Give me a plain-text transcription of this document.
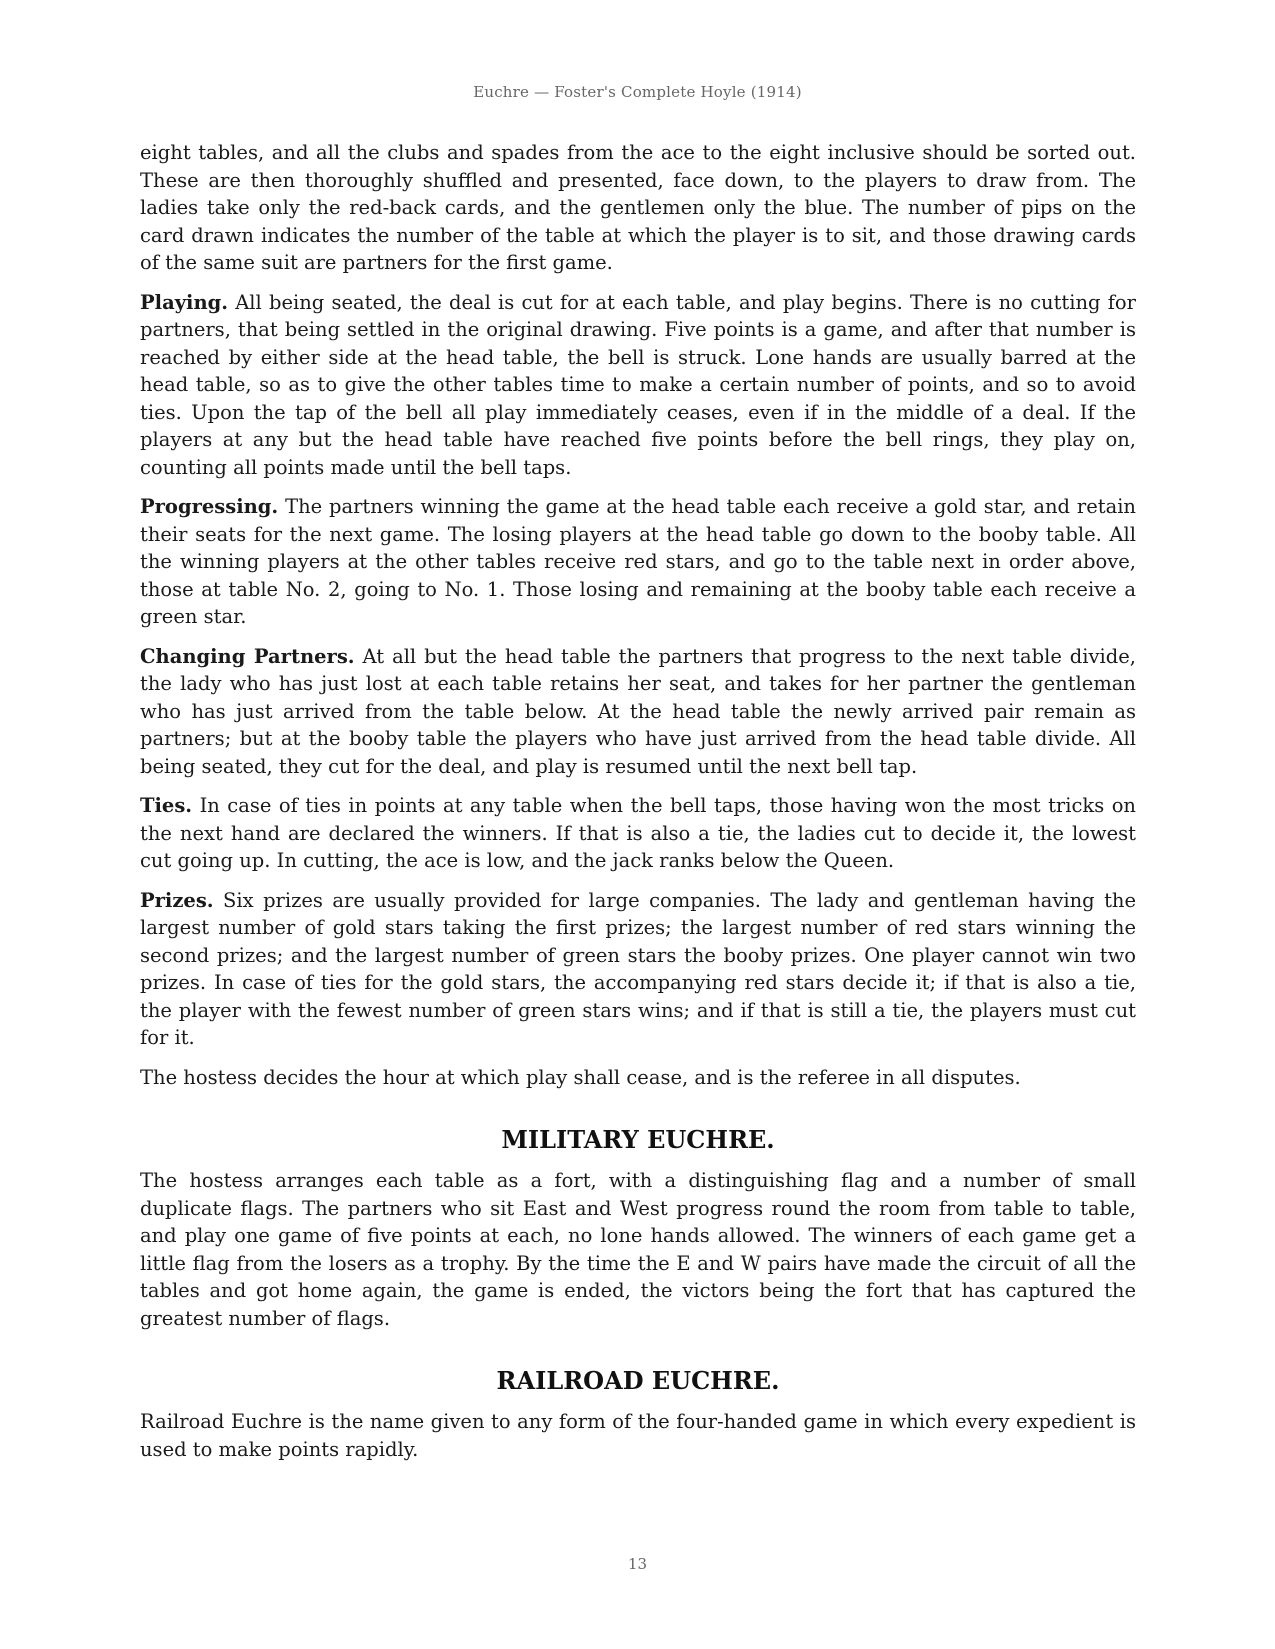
Euchre — Foster's Complete Hoyle (1914)

eight tables, and all the clubs and spades from the ace to the eight inclusive should be sorted out. These are then thoroughly shuffled and presented, face down, to the players to draw from. The ladies take only the red-back cards, and the gentlemen only the blue. The number of pips on the card drawn indicates the number of the table at which the player is to sit, and those drawing cards of the same suit are partners for the first game.

Playing. All being seated, the deal is cut for at each table, and play begins. There is no cutting for partners, that being settled in the original drawing. Five points is a game, and after that number is reached by either side at the head table, the bell is struck. Lone hands are usually barred at the head table, so as to give the other tables time to make a certain number of points, and so to avoid ties. Upon the tap of the bell all play immediately ceases, even if in the middle of a deal. If the players at any but the head table have reached five points before the bell rings, they play on, counting all points made until the bell taps.

Progressing. The partners winning the game at the head table each receive a gold star, and retain their seats for the next game. The losing players at the head table go down to the booby table. All the winning players at the other tables receive red stars, and go to the table next in order above, those at table No. 2, going to No. 1. Those losing and remaining at the booby table each receive a green star.

Changing Partners. At all but the head table the partners that progress to the next table divide, the lady who has just lost at each table retains her seat, and takes for her partner the gentleman who has just arrived from the table below. At the head table the newly arrived pair remain as partners; but at the booby table the players who have just arrived from the head table divide. All being seated, they cut for the deal, and play is resumed until the next bell tap.

Ties. In case of ties in points at any table when the bell taps, those having won the most tricks on the next hand are declared the winners. If that is also a tie, the ladies cut to decide it, the lowest cut going up. In cutting, the ace is low, and the jack ranks below the Queen.

Prizes. Six prizes are usually provided for large companies. The lady and gentleman having the largest number of gold stars taking the first prizes; the largest number of red stars winning the second prizes; and the largest number of green stars the booby prizes. One player cannot win two prizes. In case of ties for the gold stars, the accompanying red stars decide it; if that is also a tie, the player with the fewest number of green stars wins; and if that is still a tie, the players must cut for it.

The hostess decides the hour at which play shall cease, and is the referee in all disputes.

MILITARY EUCHRE.

The hostess arranges each table as a fort, with a distinguishing flag and a number of small duplicate flags. The partners who sit East and West progress round the room from table to table, and play one game of five points at each, no lone hands allowed. The winners of each game get a little flag from the losers as a trophy. By the time the E and W pairs have made the circuit of all the tables and got home again, the game is ended, the victors being the fort that has captured the greatest number of flags.

RAILROAD EUCHRE.

Railroad Euchre is the name given to any form of the four-handed game in which every expedient is used to make points rapidly.

13
